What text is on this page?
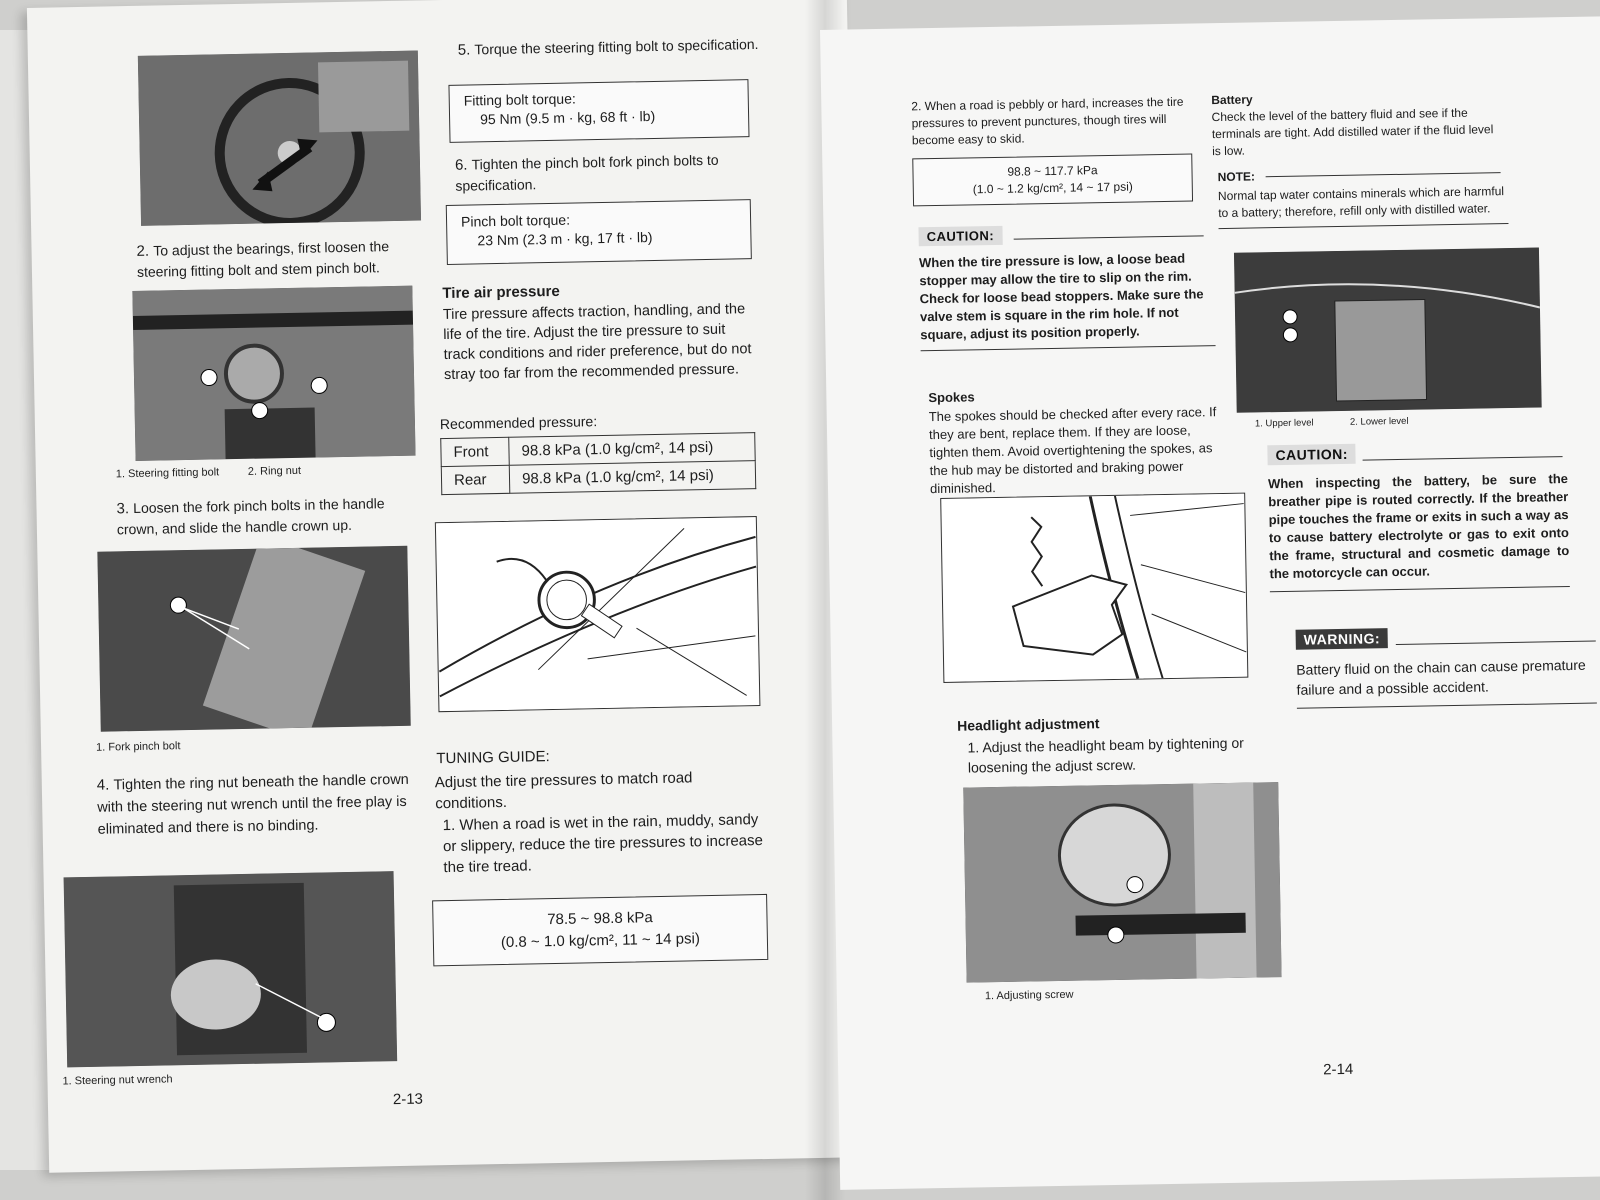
2. To adjust the bearings, first loosen the steering fitting bolt and stem pinch bolt.
1. Steering fitting bolt	2. Ring nut
3. Loosen the fork pinch bolts in the handle crown, and slide the handle crown up.
1. Fork pinch bolt
4. Tighten the ring nut beneath the handle crown with the steering nut wrench until the free play is eliminated and there is no binding.
1. Steering nut wrench
5. Torque the steering fitting bolt to specification.
Fitting bolt torque:
95 Nm (9.5 m · kg, 68 ft · lb)
6. Tighten the pinch bolt fork pinch bolts to specification.
Pinch bolt torque:
23 Nm (2.3 m · kg, 17 ft · lb)
Tire air pressure
Tire pressure affects traction, handling, and the life of the tire. Adjust the tire pressure to suit track conditions and rider preference, but do not stray too far from the recommended pressure.
Recommended pressure:
Front	98.8 kPa (1.0 kg/cm², 14 psi)
Rear	98.8 kPa (1.0 kg/cm², 14 psi)
TUNING GUIDE:
Adjust the tire pressures to match road conditions.
1. When a road is wet in the rain, muddy, sandy or slippery, reduce the tire pressures to increase the tire tread.
78.5 ~ 98.8 kPa
(0.8 ~ 1.0 kg/cm², 11 ~ 14 psi)
2-13
2. When a road is pebbly or hard, increases the tire pressures to prevent punctures, though tires will become easy to skid.
98.8 ~ 117.7 kPa
(1.0 ~ 1.2 kg/cm², 14 ~ 17 psi)
CAUTION:
When the tire pressure is low, a loose bead stopper may allow the tire to slip on the rim. Check for loose bead stoppers. Make sure the valve stem is square in the rim hole. If not square, adjust its position properly.
Spokes
The spokes should be checked after every race. If they are bent, replace them. If they are loose, tighten them. Avoid overtightening the spokes, as the hub may be distorted and braking power diminished.
Headlight adjustment
1. Adjust the headlight beam by tightening or loosening the adjust screw.
1. Adjusting screw
Battery
Check the level of the battery fluid and see if the terminals are tight. Add distilled water if the fluid level is low.
NOTE:
Normal tap water contains minerals which are harmful to a battery; therefore, refill only with distilled water.
1. Upper level	2. Lower level
CAUTION:
When inspecting the battery, be sure the breather pipe is routed correctly. If the breather pipe touches the frame or exits in such a way as to cause battery electrolyte or gas to exit onto the frame, structural and cosmetic damage to the motorcycle can occur.
WARNING:
Battery fluid on the chain can cause premature failure and a possible accident.
2-14
